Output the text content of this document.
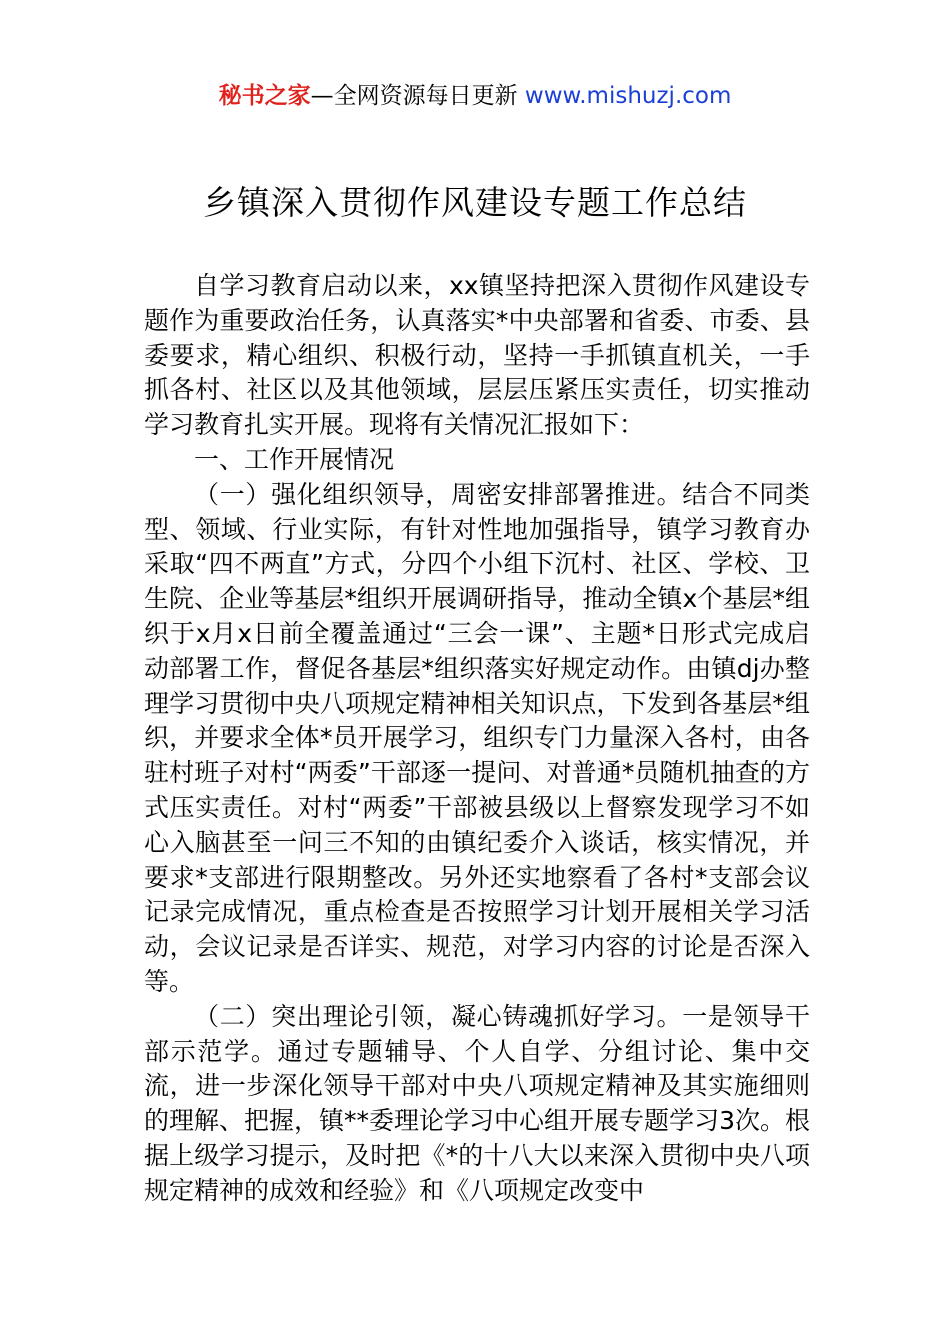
秘书之家—全网资源每日更新 www.mishuzj.com
乡镇深入贯彻作风建设专题工作总结

自学习教育启动以来，xx镇坚持把深入贯彻作风建设专题作为重要政治任务，认真落实*中央部署和省委、市委、县委要求，精心组织、积极行动，坚持一手抓镇直机关，一手抓各村、社区以及其他领域，层层压紧压实责任，切实推动学习教育扎实开展。现将有关情况汇报如下：

一、工作开展情况

（一）强化组织领导，周密安排部署推进。结合不同类型、领域、行业实际，有针对性地加强指导，镇学习教育办采取“四不两直”方式，分四个小组下沉村、社区、学校、卫生院、企业等基层*组织开展调研指导，推动全镇x个基层*组织于x月x日前全覆盖通过“三会一课”、主题*日形式完成启动部署工作，督促各基层*组织落实好规定动作。由镇dj办整理学习贯彻中央八项规定精神相关知识点，下发到各基层*组织，并要求全体*员开展学习，组织专门力量深入各村，由各驻村班子对村“两委”干部逐一提问、对普通*员随机抽查的方式压实责任。对村“两委”干部被县级以上督察发现学习不如心入脑甚至一问三不知的由镇纪委介入谈话，核实情况，并要求*支部进行限期整改。另外还实地察看了各村*支部会议记录完成情况，重点检查是否按照学习计划开展相关学习活动，会议记录是否详实、规范，对学习内容的讨论是否深入等。

（二）突出理论引领，凝心铸魂抓好学习。一是领导干部示范学。通过专题辅导、个人自学、分组讨论、集中交流，进一步深化领导干部对中央八项规定精神及其实施细则的理解、把握，镇**委理论学习中心组开展专题学习3次。根据上级学习提示，及时把《*的十八大以来深入贯彻中央八项规定精神的成效和经验》和《八项规定改变中
